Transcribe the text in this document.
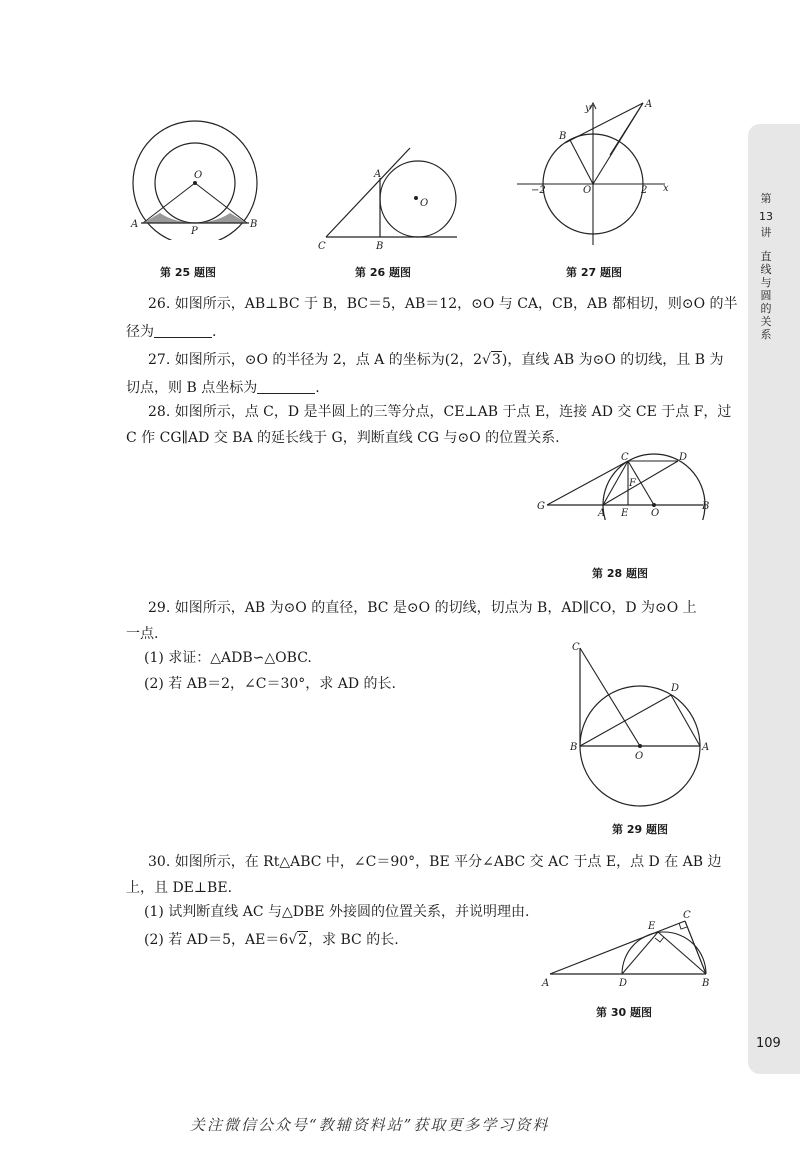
第
13
讲
直线与圆的关系
O
A	B
P
第 25 题图
A
B
C
O
第 26 题图
y
x
A
B
O
−2	2
第 27 题图
26. 如图所示，AB⊥BC 于 B，BC＝5，AB＝12，⊙O 与 CA，CB，AB 都相切，则⊙O 的半
径为	.
27. 如图所示，⊙O 的半径为 2，点 A 的坐标为(2，2√3)，直线 AB 为⊙O 的切线，且 B 为
切点，则 B 点坐标为	.
28. 如图所示，点 C，D 是半圆上的三等分点，CE⊥AB 于点 E，连接 AD 交 CE 于点 F，过
C 作 CG∥AD 交 BA 的延长线于 G，判断直线 CG 与⊙O 的位置关系.
C	D
F
G
A E O
B
第 28 题图
29. 如图所示，AB 为⊙O 的直径，BC 是⊙O 的切线，切点为 B，AD∥CO，D 为⊙O 上
一点.
(1) 求证：△ADB∽△OBC.
(2) 若 AB＝2，∠C＝30°，求 AD 的长.
C
D
B
O
A
第 29 题图
30. 如图所示，在 Rt△ABC 中，∠C＝90°，BE 平分∠ABC 交 AC 于点 E，点 D 在 AB 边
上，且 DE⊥BE.
(1) 试判断直线 AC 与△DBE 外接圆的位置关系，并说明理由.
(2) 若 AD＝5，AE＝6√2，求 BC 的长.
C
E
A	D	B
第 30 题图
109
关注微信公众号“教辅资料站”获取更多学习资料
